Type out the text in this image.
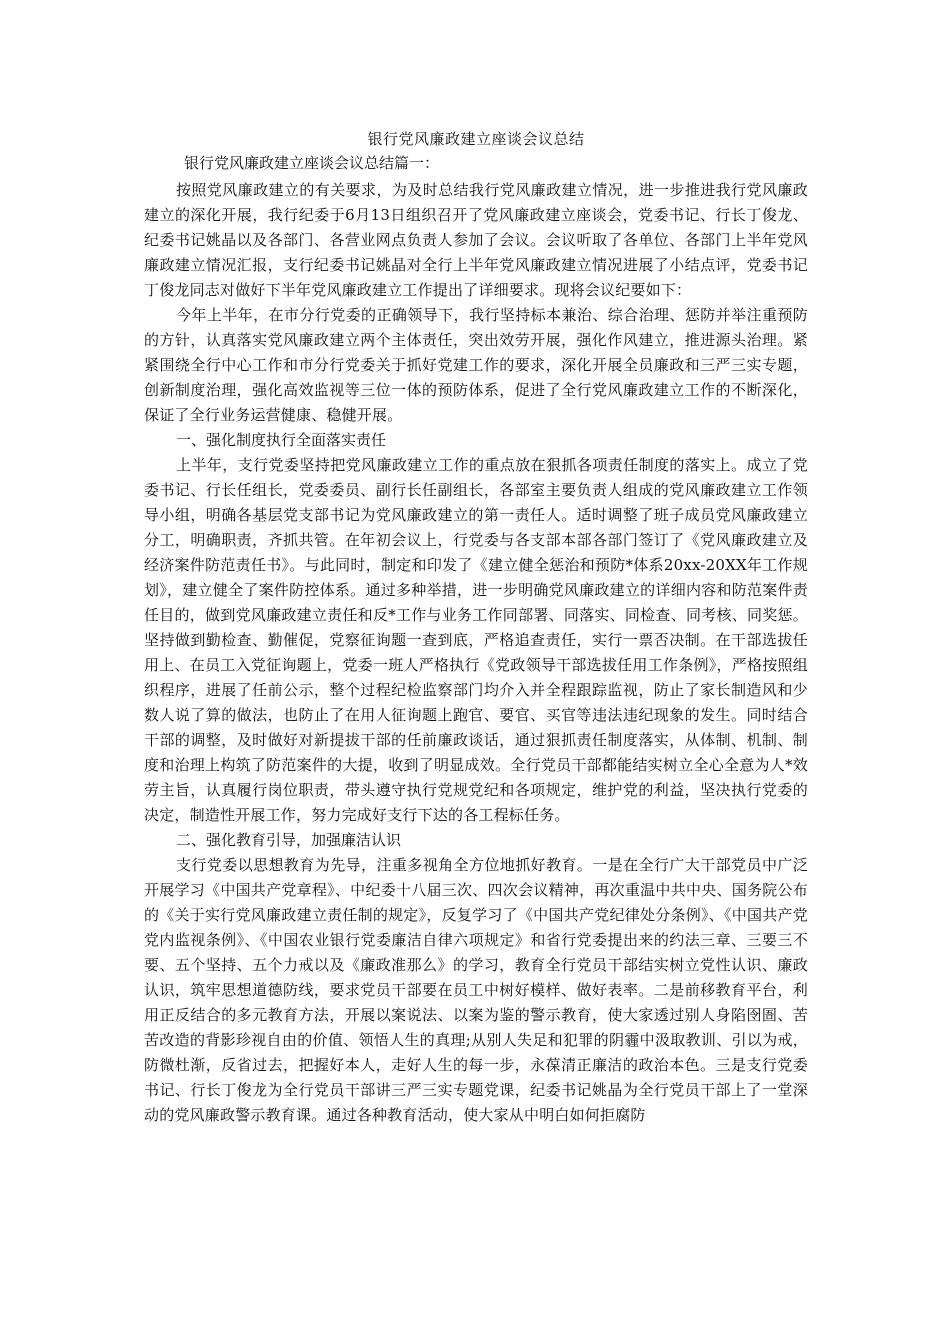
银行党风廉政建立座谈会议总结

银行党风廉政建立座谈会议总结篇一：

按照党风廉政建立的有关要求，为及时总结我行党风廉政建立情况，进一步推进我行党风廉政建立的深化开展，我行纪委于6月13日组织召开了党风廉政建立座谈会，党委书记、行长丁俊龙、纪委书记姚晶以及各部门、各营业网点负责人参加了会议。会议听取了各单位、各部门上半年党风廉政建立情况汇报，支行纪委书记姚晶对全行上半年党风廉政建立情况进展了小结点评，党委书记丁俊龙同志对做好下半年党风廉政建立工作提出了详细要求。现将会议纪要如下：

今年上半年，在市分行党委的正确领导下，我行坚持标本兼治、综合治理、惩防并举注重预防的方针，认真落实党风廉政建立两个主体责任，突出效劳开展，强化作风建立，推进源头治理。紧紧围绕全行中心工作和市分行党委关于抓好党建工作的要求，深化开展全员廉政和三严三实专题，创新制度治理，强化高效监视等三位一体的预防体系，促进了全行党风廉政建立工作的不断深化，保证了全行业务运营健康、稳健开展。

一、强化制度执行全面落实责任

上半年，支行党委坚持把党风廉政建立工作的重点放在狠抓各项责任制度的落实上。成立了党委书记、行长任组长，党委委员、副行长任副组长，各部室主要负责人组成的党风廉政建立工作领导小组，明确各基层党支部书记为党风廉政建立的第一责任人。适时调整了班子成员党风廉政建立分工，明确职责，齐抓共管。在年初会议上，行党委与各支部本部各部门签订了《党风廉政建立及经济案件防范责任书》。与此同时，制定和印发了《建立健全惩治和预防*体系20xx-20XX年工作规划》，建立健全了案件防控体系。通过多种举措，进一步明确党风廉政建立的详细内容和防范案件责任目的，做到党风廉政建立责任和反*工作与业务工作同部署、同落实、同检查、同考核、同奖惩。坚持做到勤检查、勤催促，党察征询题一查到底，严格追查责任，实行一票否决制。在干部选拔任用上、在员工入党征询题上，党委一班人严格执行《党政领导干部选拔任用工作条例》，严格按照组织程序，进展了任前公示，整个过程纪检监察部门均介入并全程跟踪监视，防止了家长制造风和少数人说了算的做法，也防止了在用人征询题上跑官、要官、买官等违法违纪现象的发生。同时结合干部的调整，及时做好对新提拔干部的任前廉政谈话，通过狠抓责任制度落实，从体制、机制、制度和治理上构筑了防范案件的大提，收到了明显成效。全行党员干部都能结实树立全心全意为人*效劳主旨，认真履行岗位职责，带头遵守执行党规党纪和各项规定，维护党的利益，坚决执行党委的决定，制造性开展工作，努力完成好支行下达的各工程标任务。

二、强化教育引导，加强廉洁认识

支行党委以思想教育为先导，注重多视角全方位地抓好教育。一是在全行广大干部党员中广泛开展学习《中国共产党章程》、中纪委十八届三次、四次会议精神，再次重温中共中央、国务院公布的《关于实行党风廉政建立责任制的规定》，反复学习了《中国共产党纪律处分条例》、《中国共产党党内监视条例》、《中国农业银行党委廉洁自律六项规定》和省行党委提出来的约法三章、三要三不要、五个坚持、五个力戒以及《廉政准那么》的学习，教育全行党员干部结实树立党性认识、廉政认识，筑牢思想道德防线，要求党员干部要在员工中树好模样、做好表率。二是前移教育平台，利用正反结合的多元教育方法，开展以案说法、以案为鉴的警示教育，使大家透过别人身陷囹圄、苦苦改造的背影珍视自由的价值、领悟人生的真理;从别人失足和犯罪的阴霾中汲取教训、引以为戒，防微杜渐，反省过去，把握好本人，走好人生的每一步，永葆清正廉洁的政治本色。三是支行党委书记、行长丁俊龙为全行党员干部讲三严三实专题党课，纪委书记姚晶为全行党员干部上了一堂深动的党风廉政警示教育课。通过各种教育活动，使大家从中明白如何拒腐防
